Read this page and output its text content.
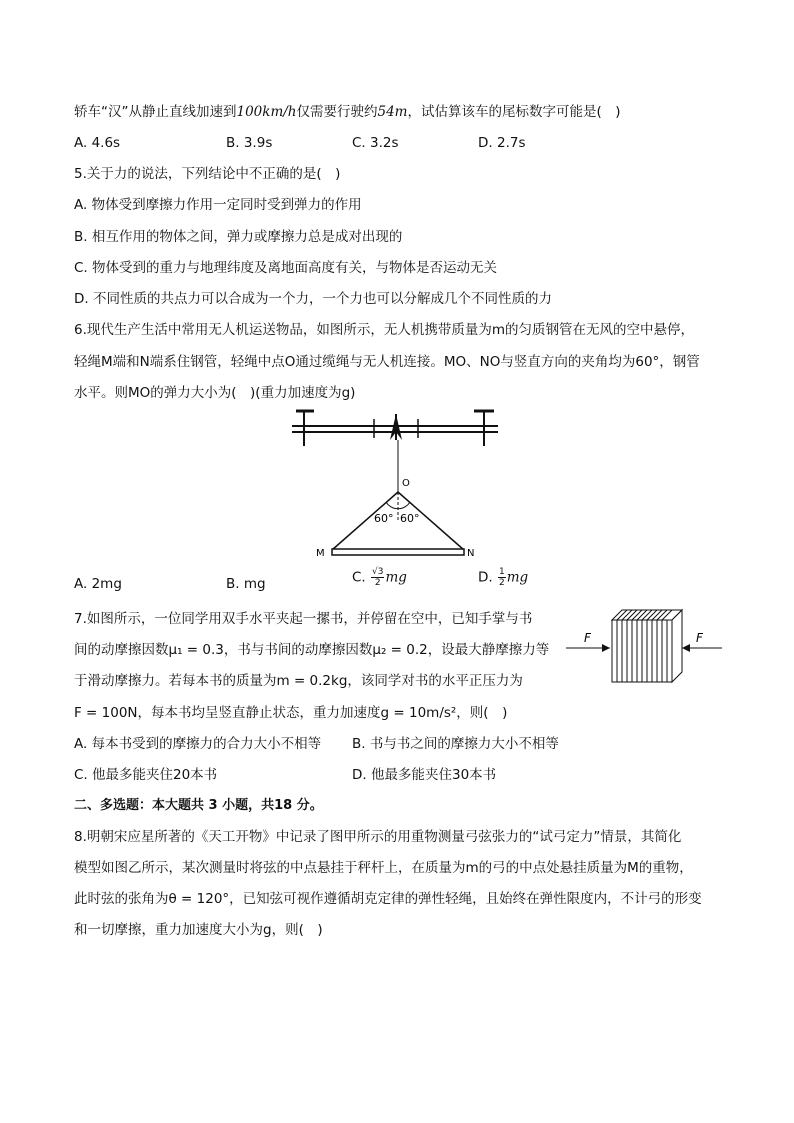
轿车“汉”从静止直线加速到100km/h仅需要行驶约54m，试估算该车的尾标数字可能是(　)
A. 4.6s	B. 3.9s	C. 3.2s	D. 2.7s
5.关于力的说法，下列结论中不正确的是(　)
A. 物体受到摩擦力作用一定同时受到弹力的作用
B. 相互作用的物体之间，弹力或摩擦力总是成对出现的
C. 物体受到的重力与地理纬度及离地面高度有关，与物体是否运动无关
D. 不同性质的共点力可以合成为一个力，一个力也可以分解成几个不同性质的力
6.现代生产生活中常用无人机运送物品，如图所示，无人机携带质量为m的匀质钢管在无风的空中悬停，
轻绳M端和N端系住钢管，轻绳中点O通过缆绳与无人机连接。MO、NO与竖直方向的夹角均为60°，钢管
水平。则MO的弹力大小为(　)(重力加速度为g)
O
60° 60°
M	N
A. 2mg	B. mg	C. $\frac{√3}{2}$ mg	D. $\frac{1}{2}$ mg
7.如图所示，一位同学用双手水平夹起一摞书，并停留在空中，已知手掌与书
间的动摩擦因数μ₁ = 0.3，书与书间的动摩擦因数μ₂ = 0.2，设最大静摩擦力等
于滑动摩擦力。若每本书的质量为m = 0.2kg，该同学对书的水平正压力为
F = 100N，每本书均呈竖直静止状态，重力加速度g = 10m/s²，则(　)
F	F
A. 每本书受到的摩擦力的合力大小不相等 B. 书与书之间的摩擦力大小不相等
C. 他最多能夹住20本书	D. 他最多能夹住30本书
二、多选题：本大题共 3 小题，共18 分。
8.明朝宋应星所著的《天工开物》中记录了图甲所示的用重物测量弓弦张力的“试弓定力”情景，其简化
模型如图乙所示，某次测量时将弦的中点悬挂于秤杆上，在质量为m的弓的中点处悬挂质量为M的重物，
此时弦的张角为θ = 120°，已知弦可视作遵循胡克定律的弹性轻绳，且始终在弹性限度内，不计弓的形变
和一切摩擦，重力加速度大小为g，则(　)
